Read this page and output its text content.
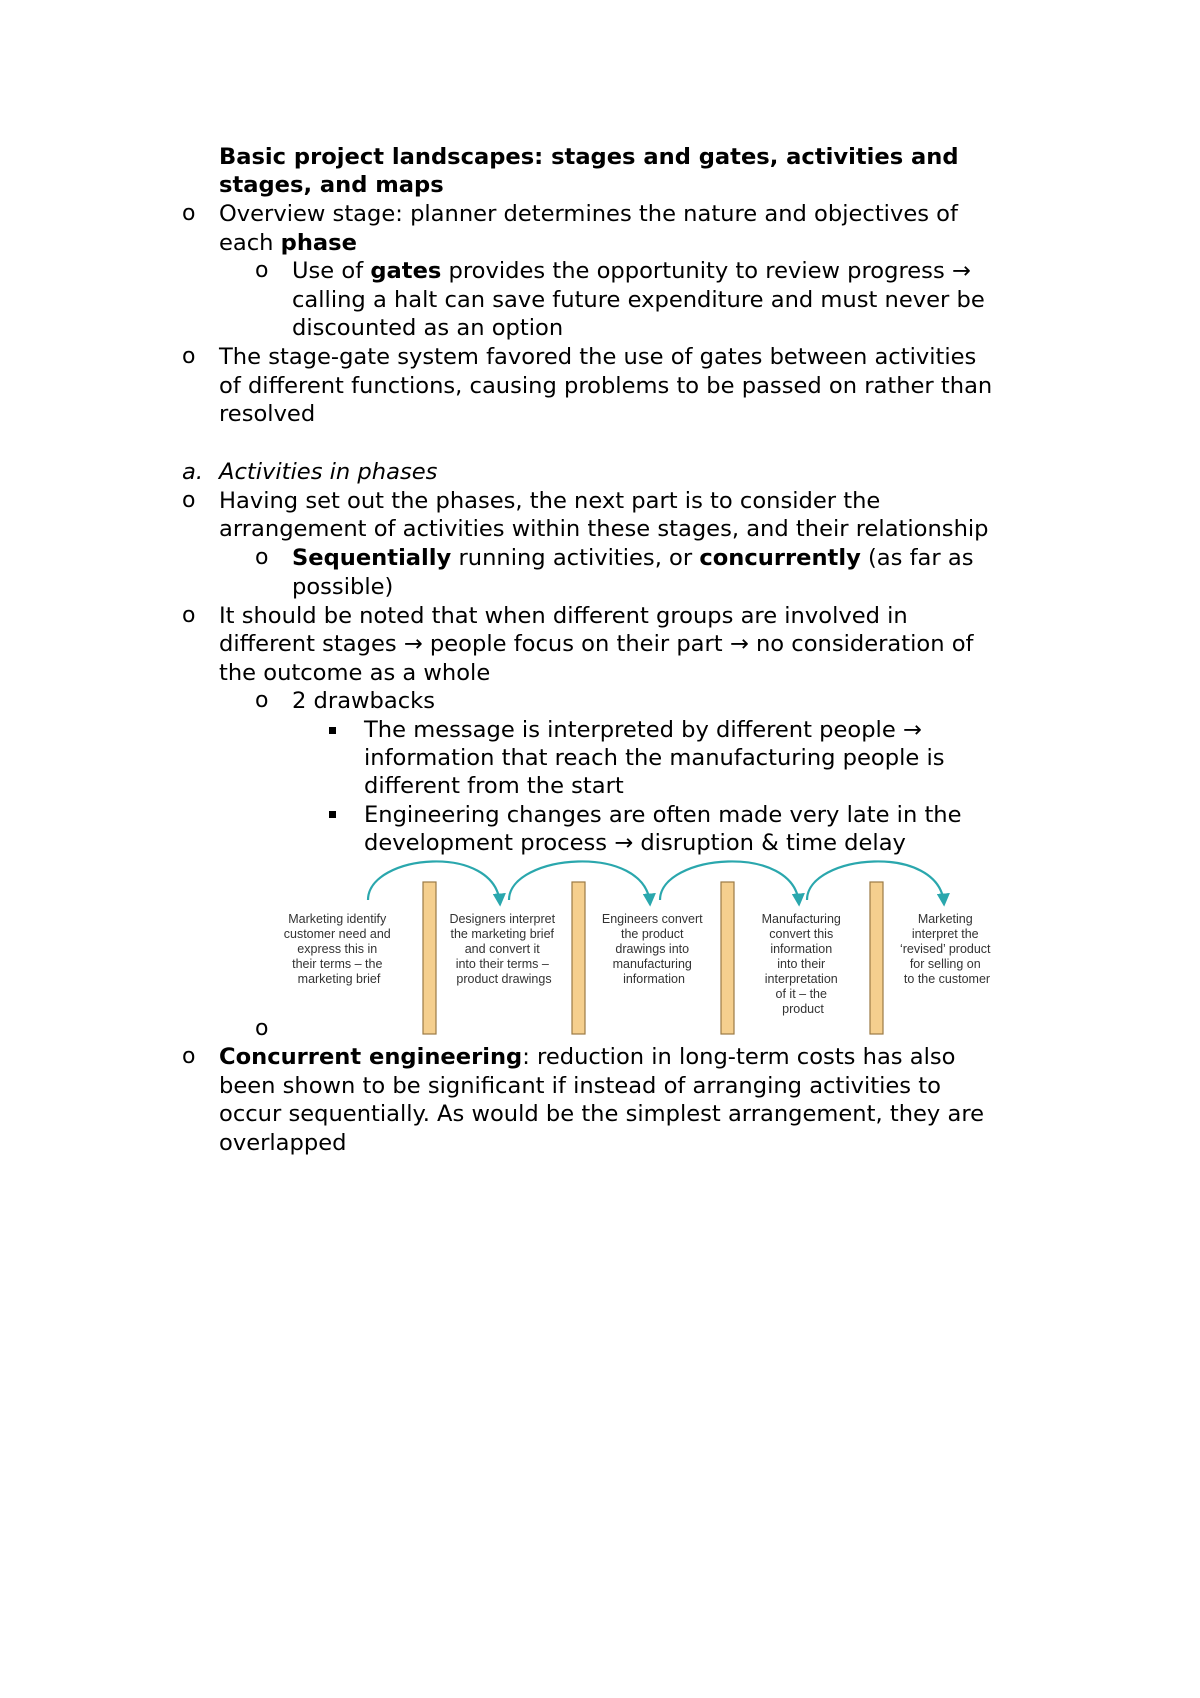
Basic project landscapes: stages and gates, activities and
stages, and maps
o Overview stage: planner determines the nature and objectives of
each phase
o Use of gates provides the opportunity to review progress →
calling a halt can save future expenditure and must never be
discounted as an option
o The stage-gate system favored the use of gates between activities
of different functions, causing problems to be passed on rather than
resolved
a. Activities in phases
o Having set out the phases, the next part is to consider the
arrangement of activities within these stages, and their relationship
o Sequentially running activities, or concurrently (as far as
possible)
o It should be noted that when different groups are involved in
different stages → people focus on their part → no consideration of
the outcome as a whole
o 2 drawbacks
The message is interpreted by different people →
information that reach the manufacturing people is
different from the start
Engineering changes are often made very late in the
development process → disruption & time delay
Marketing identify customer need and express this in their terms – the marketing brief
Designers interpret the marketing brief and convert it into their terms – product drawings
Engineers convert the product drawings into manufacturing information
Manufacturing convert this information into their interpretation of it – the product
Marketing interpret the ‘revised’ product for selling on to the customer
o
o Concurrent engineering: reduction in long-term costs has also
been shown to be significant if instead of arranging activities to
occur sequentially. As would be the simplest arrangement, they are
overlapped
